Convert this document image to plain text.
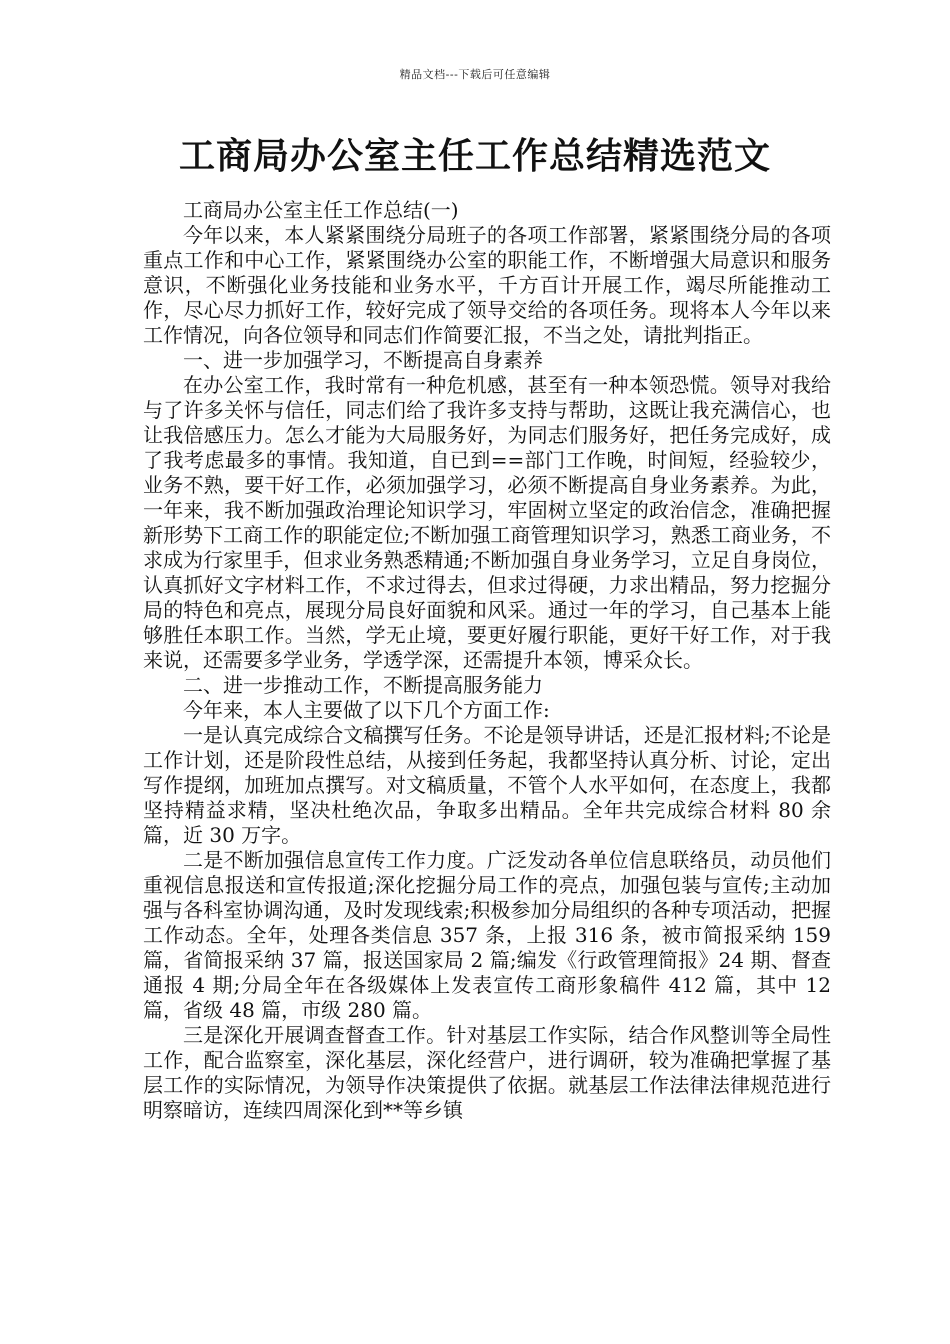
精品文档---下载后可任意编辑
工商局办公室主任工作总结精选范文

工商局办公室主任工作总结(一)

今年以来，本人紧紧围绕分局班子的各项工作部署，紧紧围绕分局的各项重点工作和中心工作，紧紧围绕办公室的职能工作，不断增强大局意识和服务意识，不断强化业务技能和业务水平，千方百计开展工作，竭尽所能推动工作，尽心尽力抓好工作，较好完成了领导交给的各项任务。现将本人今年以来工作情况，向各位领导和同志们作简要汇报，不当之处，请批判指正。

一、进一步加强学习，不断提高自身素养

在办公室工作，我时常有一种危机感，甚至有一种本领恐慌。领导对我给与了许多关怀与信任，同志们给了我许多支持与帮助，这既让我充满信心，也让我倍感压力。怎么才能为大局服务好，为同志们服务好，把任务完成好，成了我考虑最多的事情。我知道，自已到==部门工作晚，时间短，经验较少，业务不熟，要干好工作，必须加强学习，必须不断提高自身业务素养。为此，一年来，我不断加强政治理论知识学习，牢固树立坚定的政治信念，准确把握新形势下工商工作的职能定位;不断加强工商管理知识学习，熟悉工商业务，不求成为行家里手，但求业务熟悉精通;不断加强自身业务学习，立足自身岗位，认真抓好文字材料工作，不求过得去，但求过得硬，力求出精品，努力挖掘分局的特色和亮点，展现分局良好面貌和风采。通过一年的学习，自己基本上能够胜任本职工作。当然，学无止境，要更好履行职能，更好干好工作，对于我来说，还需要多学业务，学透学深，还需提升本领，博采众长。

二、进一步推动工作，不断提高服务能力

今年来，本人主要做了以下几个方面工作:

一是认真完成综合文稿撰写任务。不论是领导讲话，还是汇报材料;不论是工作计划，还是阶段性总结，从接到任务起，我都坚持认真分析、讨论，定出写作提纲，加班加点撰写。对文稿质量，不管个人水平如何，在态度上，我都坚持精益求精，坚决杜绝次品，争取多出精品。全年共完成综合材料 80 余篇，近 30 万字。

二是不断加强信息宣传工作力度。广泛发动各单位信息联络员，动员他们重视信息报送和宣传报道;深化挖掘分局工作的亮点，加强包装与宣传;主动加强与各科室协调沟通，及时发现线索;积极参加分局组织的各种专项活动，把握工作动态。全年，处理各类信息 357 条，上报 316 条，被市简报采纳 159 篇，省简报采纳 37 篇，报送国家局 2 篇;编发《行政管理简报》24 期、督查通报 4 期;分局全年在各级媒体上发表宣传工商形象稿件 412 篇，其中 12 篇，省级 48 篇，市级 280 篇。

三是深化开展调查督查工作。针对基层工作实际，结合作风整训等全局性工作，配合监察室，深化基层，深化经营户，进行调研，较为准确把掌握了基层工作的实际情况，为领导作决策提供了依据。就基层工作法律法律规范进行明察暗访，连续四周深化到**等乡镇
